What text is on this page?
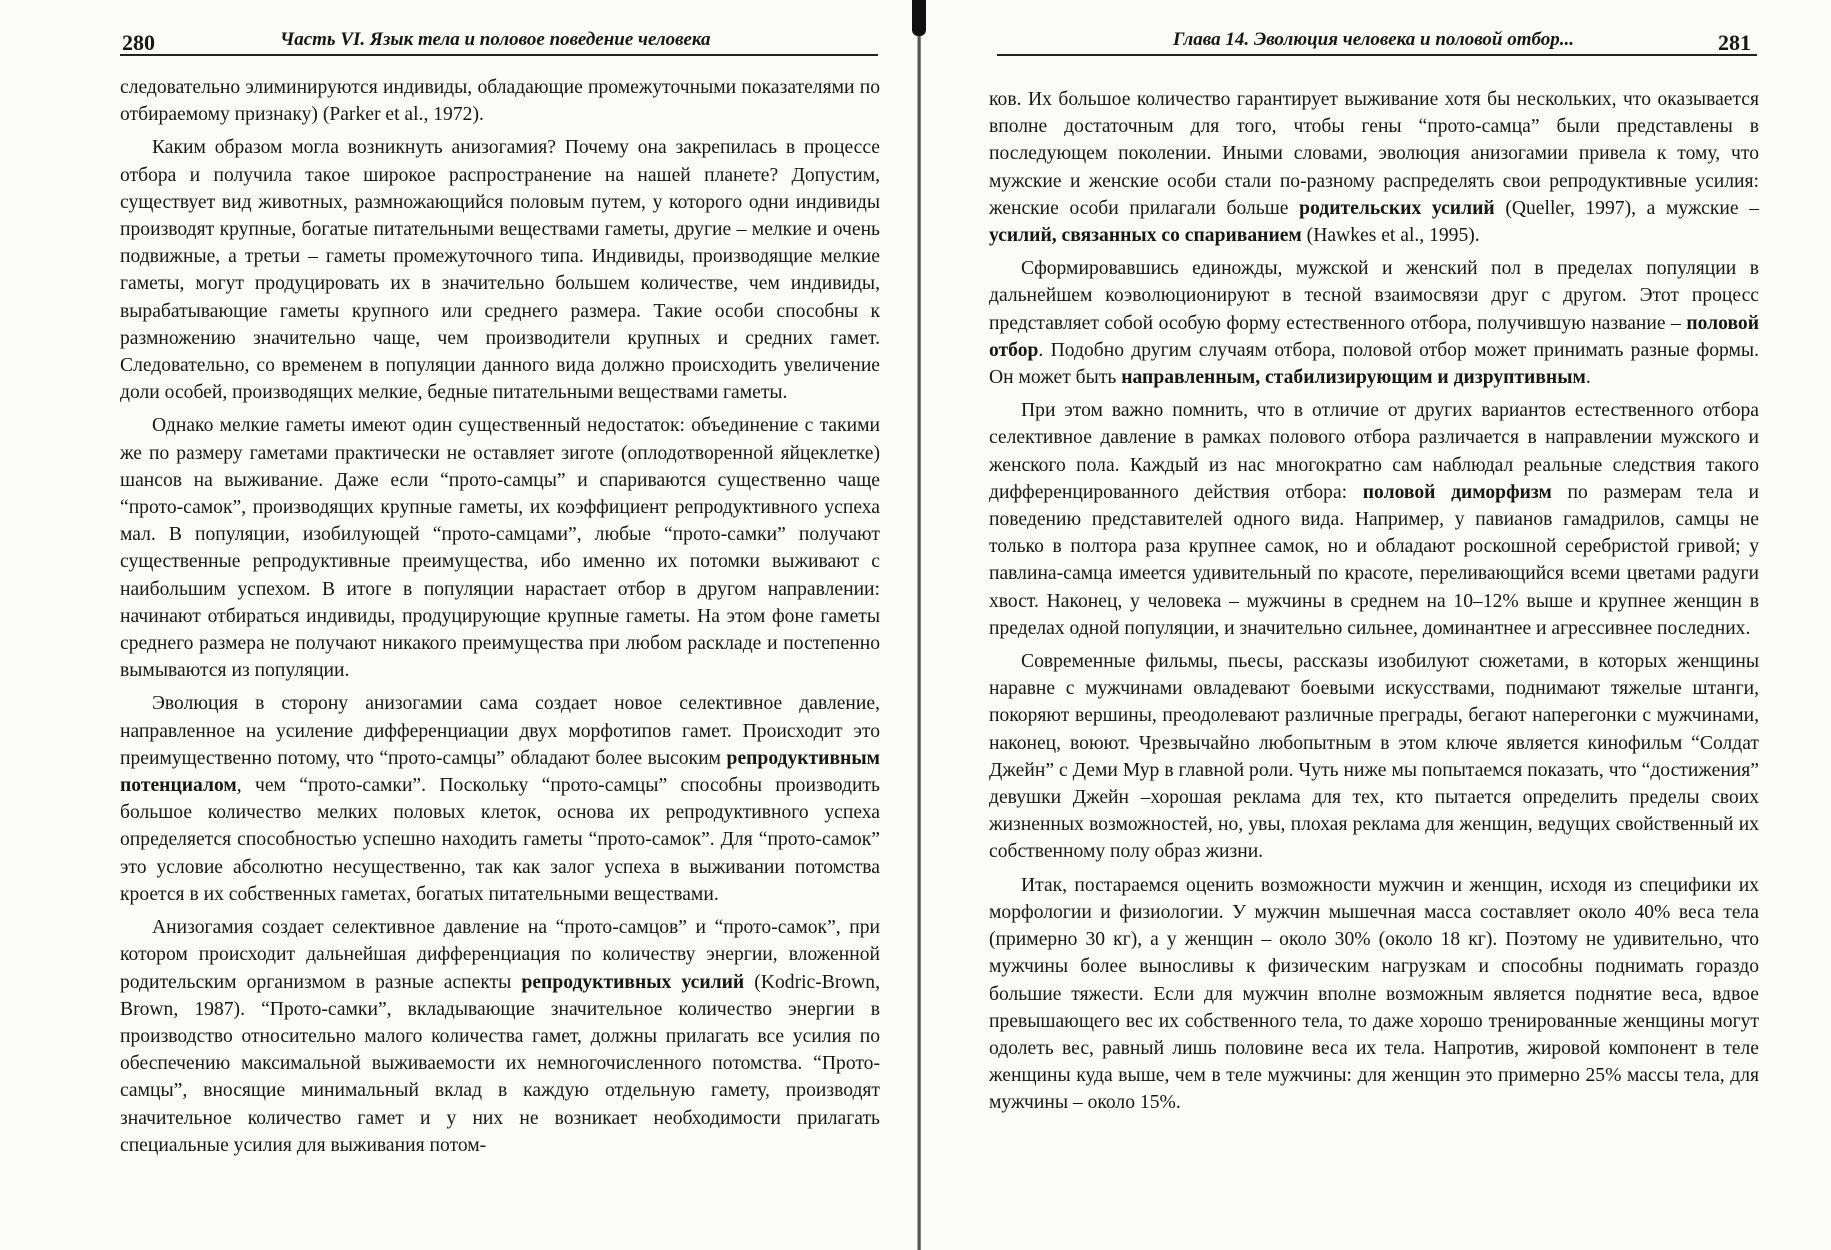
280	Часть VI. Язык тела и половое поведение человека

следовательно элиминируются индивиды, обладающие промежуточными показателями по отбираемому признаку) (Parker et al., 1972).

Каким образом могла возникнуть анизогамия? Почему она закрепилась в процессе отбора и получила такое широкое распространение на нашей планете? Допустим, существует вид животных, размножающийся половым путем, у которого одни индивиды производят крупные, богатые питательными веществами гаметы, другие – мелкие и очень подвижные, а третьи – гаметы промежуточного типа. Индивиды, производящие мелкие гаметы, могут продуцировать их в значительно большем количестве, чем индивиды, вырабатывающие гаметы крупного или среднего размера. Такие особи способны к размножению значительно чаще, чем производители крупных и средних гамет. Следовательно, со временем в популяции данного вида должно происходить увеличение доли особей, производящих мелкие, бедные питательными веществами гаметы.

Однако мелкие гаметы имеют один существенный недостаток: объединение с такими же по размеру гаметами практически не оставляет зиготе (оплодотворенной яйцеклетке) шансов на выживание. Даже если “прото-самцы” и спариваются существенно чаще “прото-самок”, производящих крупные гаметы, их коэффициент репродуктивного успеха мал. В популяции, изобилующей “прото-самцами”, любые “прото-самки” получают существенные репродуктивные преимущества, ибо именно их потомки выживают с наибольшим успехом. В итоге в популяции нарастает отбор в другом направлении: начинают отбираться индивиды, продуцирующие крупные гаметы. На этом фоне гаметы среднего размера не получают никакого преимущества при любом раскладе и постепенно вымываются из популяции.

Эволюция в сторону анизогамии сама создает новое селективное давление, направленное на усиление дифференциации двух морфотипов гамет. Происходит это преимущественно потому, что “прото-самцы” обладают более высоким репродуктивным потенциалом, чем “прото-самки”. Поскольку “прото-самцы” способны производить большое количество мелких половых клеток, основа их репродуктивного успеха определяется способностью успешно находить гаметы “прото-самок”. Для “прото-самок” это условие абсолютно несущественно, так как залог успеха в выживании потомства кроется в их собственных гаметах, богатых питательными веществами.

Анизогамия создает селективное давление на “прото-самцов” и “прото-самок”, при котором происходит дальнейшая дифференциация по количеству энергии, вложенной родительским организмом в разные аспекты репродуктивных усилий (Kodric-Brown, Brown, 1987). “Прото-самки”, вкладывающие значительное количество энергии в производство относительно малого количества гамет, должны прилагать все усилия по обеспечению максимальной выживаемости их немногочисленного потомства. “Прото-самцы”, вносящие минимальный вклад в каждую отдельную гамету, производят значительное количество гамет и у них не возникает необходимости прилагать специальные усилия для выживания потом-

Глава 14. Эволюция человека и половой отбор...	281

ков. Их большое количество гарантирует выживание хотя бы нескольких, что оказывается вполне достаточным для того, чтобы гены “прото-самца” были представлены в последующем поколении. Иными словами, эволюция анизогамии привела к тому, что мужские и женские особи стали по-разному распределять свои репродуктивные усилия: женские особи прилагали больше родительских усилий (Queller, 1997), а мужские – усилий, связанных со спариванием (Hawkes et al., 1995).

Сформировавшись единожды, мужской и женский пол в пределах популяции в дальнейшем коэволюционируют в тесной взаимосвязи друг с другом. Этот процесс представляет собой особую форму естественного отбора, получившую название – половой отбор. Подобно другим случаям отбора, половой отбор может принимать разные формы. Он может быть направленным, стабилизирующим и дизруптивным.

При этом важно помнить, что в отличие от других вариантов естественного отбора селективное давление в рамках полового отбора различается в направлении мужского и женского пола. Каждый из нас многократно сам наблюдал реальные следствия такого дифференцированного действия отбора: половой диморфизм по размерам тела и поведению представителей одного вида. Например, у павианов гамадрилов, самцы не только в полтора раза крупнее самок, но и обладают роскошной серебристой гривой; у павлина-самца имеется удивительный по красоте, переливающийся всеми цветами радуги хвост. Наконец, у человека – мужчины в среднем на 10–12% выше и крупнее женщин в пределах одной популяции, и значительно сильнее, доминантнее и агрессивнее последних.

Современные фильмы, пьесы, рассказы изобилуют сюжетами, в которых женщины наравне с мужчинами овладевают боевыми искусствами, поднимают тяжелые штанги, покоряют вершины, преодолевают различные преграды, бегают наперегонки с мужчинами, наконец, воюют. Чрезвычайно любопытным в этом ключе является кинофильм “Солдат Джейн” с Деми Мур в главной роли. Чуть ниже мы попытаемся показать, что “достижения” девушки Джейн –хорошая реклама для тех, кто пытается определить пределы своих жизненных возможностей, но, увы, плохая реклама для женщин, ведущих свойственный их собственному полу образ жизни.

Итак, постараемся оценить возможности мужчин и женщин, исходя из специфики их морфологии и физиологии. У мужчин мышечная масса составляет около 40% веса тела (примерно 30 кг), а у женщин – около 30% (около 18 кг). Поэтому не удивительно, что мужчины более выносливы к физическим нагрузкам и способны поднимать гораздо большие тяжести. Если для мужчин вполне возможным является поднятие веса, вдвое превышающего вес их собственного тела, то даже хорошо тренированные женщины могут одолеть вес, равный лишь половине веса их тела. Напротив, жировой компонент в теле женщины куда выше, чем в теле мужчины: для женщин это примерно 25% массы тела, для мужчины – около 15%.
